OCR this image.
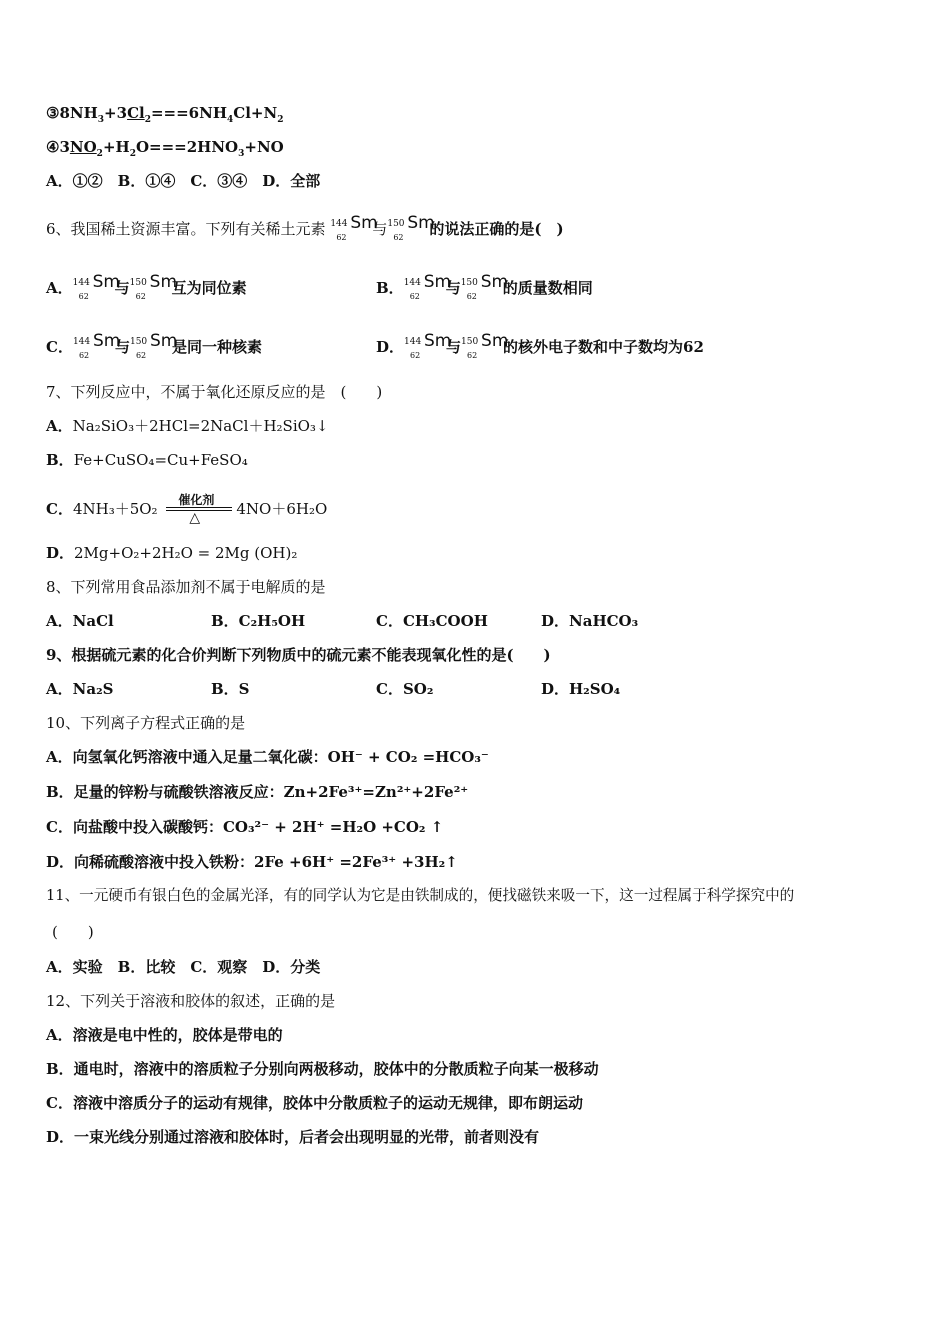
$③8NH_3+3Cl_2===6NH_4Cl+N_2$
$④3NO_2+H_2O===2HNO_3+NO$
A．①②　B．①④　C．③④　D．全部
6、我国稀土资源丰富。下列有关稀土元素 144
62
Sm
与 150
62
Sm
的说法正确的是(　)
A． 144
62
Sm
与 150
62
Sm
互为同位素	B． 144
62
Sm
与 150
62
Sm
的质量数相同
C． 144
62
Sm
与 150
62
Sm
是同一种核素	D． 144
62
Sm
与 150
62
Sm
的核外电子数和中子数均为62
7、下列反应中，不属于氧化还原反应的是　(　　)
A．Na₂SiO₃＋2HCl=2NaCl＋H₂SiO₃↓
B．Fe+CuSO₄=Cu+FeSO₄
C．4NH₃＋5O₂ 催化剂
△ 4NO＋6H₂O
D．2Mg+O₂+2H₂O = 2Mg (OH)₂
8、下列常用食品添加剂不属于电解质的是
A．NaCl	B．C₂H₅OH	C．CH₃COOH	D．NaHCO₃
9、根据硫元素的化合价判断下列物质中的硫元素不能表现氧化性的是(　　)
A．Na₂S	B．S	C．SO₂	D．H₂SO₄
10、下列离子方程式正确的是
A．向氢氧化钙溶液中通入足量二氧化碳：OH⁻ + CO₂ =HCO₃⁻
B．足量的锌粉与硫酸铁溶液反应：Zn+2Fe³⁺=Zn²⁺+2Fe²⁺
C．向盐酸中投入碳酸钙：CO₃²⁻ + 2H⁺ =H₂O +CO₂ ↑
D．向稀硫酸溶液中投入铁粉：2Fe +6H⁺ =2Fe³⁺ +3H₂↑
11、一元硬币有银白色的金属光泽，有的同学认为它是由铁制成的，便找磁铁来吸一下，这一过程属于科学探究中的
(　　)
A．实验　B．比较　C．观察　D．分类
12、下列关于溶液和胶体的叙述，正确的是
A．溶液是电中性的，胶体是带电的
B．通电时，溶液中的溶质粒子分别向两极移动，胶体中的分散质粒子向某一极移动
C．溶液中溶质分子的运动有规律，胶体中分散质粒子的运动无规律，即布朗运动
D．一束光线分别通过溶液和胶体时，后者会出现明显的光带，前者则没有
